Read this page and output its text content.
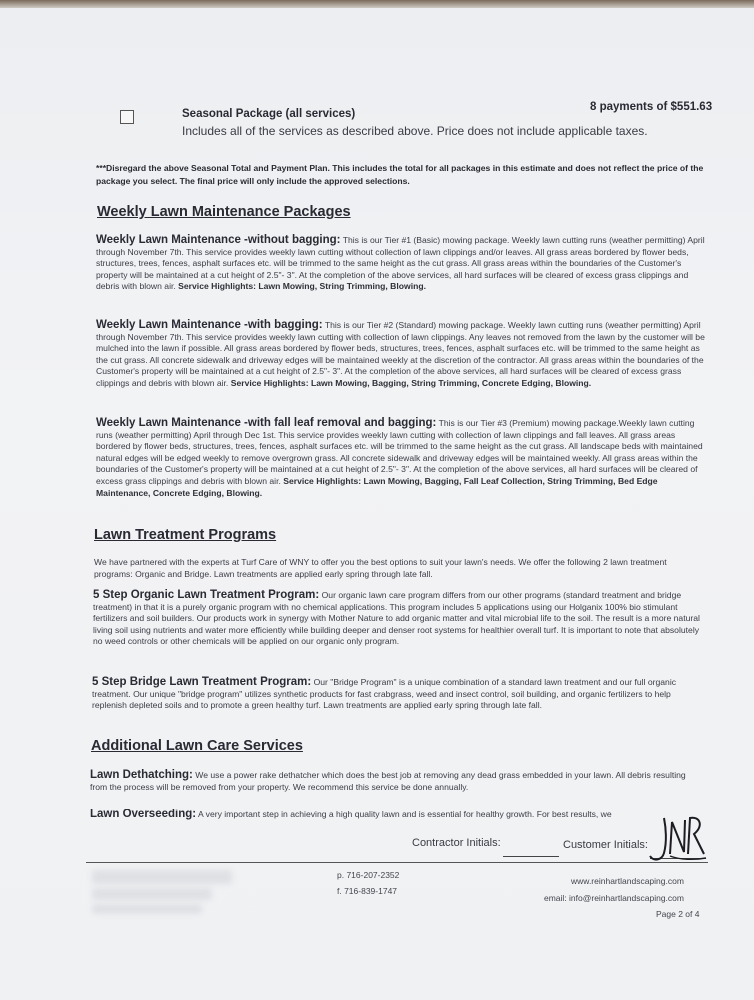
Seasonal Package (all services)
8 payments of $551.63
Includes all of the services as described above. Price does not include applicable taxes.
***Disregard the above Seasonal Total and Payment Plan. This includes the total for all packages in this estimate and does not reflect the price of the package you select. The final price will only include the approved selections.
Weekly Lawn Maintenance Packages
Weekly Lawn Maintenance -without bagging: This is our Tier #1 (Basic) mowing package. Weekly lawn cutting runs (weather permitting) April through November 7th. This service provides weekly lawn cutting without collection of lawn clippings and/or leaves. All grass areas bordered by flower beds, structures, trees, fences, asphalt surfaces etc. will be trimmed to the same height as the cut grass. All grass areas within the boundaries of the Customer's property will be maintained at a cut height of 2.5"- 3". At the completion of the above services, all hard surfaces will be cleared of excess grass clippings and debris with blown air. Service Highlights: Lawn Mowing, String Trimming, Blowing.
Weekly Lawn Maintenance -with bagging: This is our Tier #2 (Standard) mowing package. Weekly lawn cutting runs (weather permitting) April through November 7th. This service provides weekly lawn cutting with collection of lawn clippings. Any leaves not removed from the lawn by the customer will be mulched into the lawn if possible. All grass areas bordered by flower beds, structures, trees, fences, asphalt surfaces etc. will be trimmed to the same height as the cut grass. All concrete sidewalk and driveway edges will be maintained weekly at the discretion of the contractor. All grass areas within the boundaries of the Customer's property will be maintained at a cut height of 2.5"- 3". At the completion of the above services, all hard surfaces will be cleared of excess grass clippings and debris with blown air. Service Highlights: Lawn Mowing, Bagging, String Trimming, Concrete Edging, Blowing.
Weekly Lawn Maintenance -with fall leaf removal and bagging: This is our Tier #3 (Premium) mowing package.Weekly lawn cutting runs (weather permitting) April through Dec 1st. This service provides weekly lawn cutting with collection of lawn clippings and fall leaves. All grass areas bordered by flower beds, structures, trees, fences, asphalt surfaces etc. will be trimmed to the same height as the cut grass. All landscape beds with maintained natural edges will be edged weekly to remove overgrown grass. All concrete sidewalk and driveway edges will be maintained weekly. All grass areas within the boundaries of the Customer's property will be maintained at a cut height of 2.5"- 3". At the completion of the above services, all hard surfaces will be cleared of excess grass clippings and debris with blown air. Service Highlights: Lawn Mowing, Bagging, Fall Leaf Collection, String Trimming, Bed Edge Maintenance, Concrete Edging, Blowing.
Lawn Treatment Programs
We have partnered with the experts at Turf Care of WNY to offer you the best options to suit your lawn's needs. We offer the following 2 lawn treatment programs: Organic and Bridge. Lawn treatments are applied early spring through late fall.
5 Step Organic Lawn Treatment Program: Our organic lawn care program differs from our other programs (standard treatment and bridge treatment) in that it is a purely organic program with no chemical applications. This program includes 5 applications using our Holganix 100% bio stimulant fertilizers and soil builders. Our products work in synergy with Mother Nature to add organic matter and vital microbial life to the soil. The result is a more natural living soil using nutrients and water more efficiently while building deeper and denser root systems for healthier overall turf. It is important to note that absolutely no weed controls or other chemicals will be applied on our organic only program.
5 Step Bridge Lawn Treatment Program: Our "Bridge Program" is a unique combination of a standard lawn treatment and our full organic treatment. Our unique "bridge program" utilizes synthetic products for fast crabgrass, weed and insect control, soil building, and organic fertilizers to help replenish depleted soils and to promote a green healthy turf. Lawn treatments are applied early spring through late fall.
Additional Lawn Care Services
Lawn Dethatching: We use a power rake dethatcher which does the best job at removing any dead grass embedded in your lawn. All debris resulting from the process will be removed from your property. We recommend this service be done annually.
Lawn Overseeding: A very important step in achieving a high quality lawn and is essential for healthy growth. For best results, we
Contractor Initials:	Customer Initials:
p. 716-207-2352
f. 716-839-1747
www.reinhartlandscaping.com
email: info@reinhartlandscaping.com
Page 2 of 4
